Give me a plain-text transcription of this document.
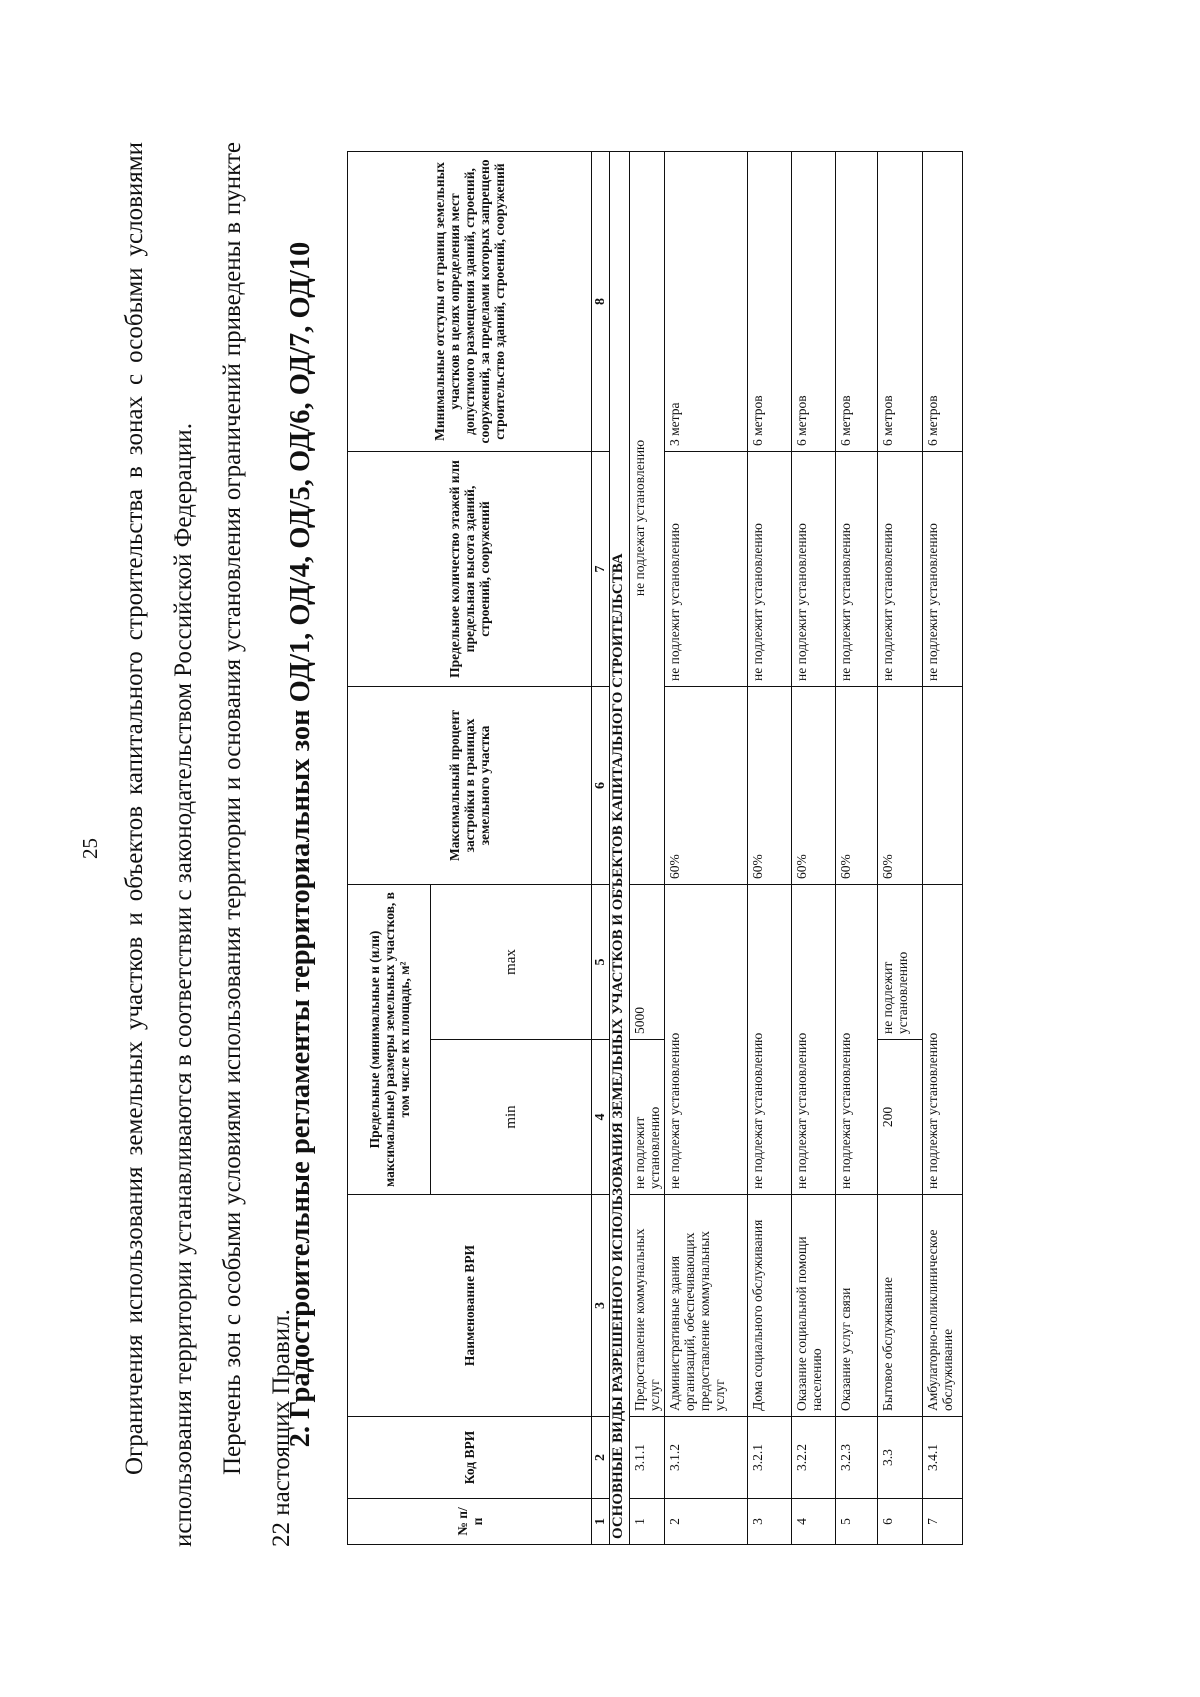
25 Ограничения использования земельных участков и объектов капитального строительства в зонах с особыми условиями использования территории устанавливаются в соответствии с законодательством Российской Федерации. Перечень зон с особыми условиями использования территории и основания установления ограничений приведены в пункте 22 настоящих Правил.

2. Градостроительные регламенты территориальных зон ОД/1, ОД/4, ОД/5, ОД/6, ОД/7, ОД/10
№ п/п	Код ВРИ	Наименование ВРИ	Предельные (минимальные и (или) максимальные) размеры земельных участков, в том числе их площадь, м²		Максимальный процент застройки в границах земельного участка	Предельное количество этажей или предельная высота зданий, строений, сооружений	Минимальные отступы от границ земельных участков в целях определения мест допустимого размещения зданий, строений, сооружений, за пределами которых запрещено строительство зданий, строений, сооружений
			min	max			
1	2	3	4	5	6	7	8
ОСНОВНЫЕ ВИДЫ РАЗРЕШЕННОГО ИСПОЛЬЗОВАНИЯ ЗЕМЕЛЬНЫХ УЧАСТКОВ И ОБЪЕКТОВ КАПИТАЛЬНОГО СТРОИТЕЛЬСТВА							
1	3.1.1	Предоставление коммунальных услуг	не подлежит установлению	5000	не подлежат установлению		
2	3.1.2	Административные здания организаций, обеспечивающих предоставление коммунальных услуг	не подлежат установлению		60%	не подлежит установлению	3 метра
3	3.2.1	Дома социального обслуживания	не подлежат установлению		60%	не подлежит установлению	6 метров
4	3.2.2	Оказание социальной помощи населению	не подлежат установлению		60%	не подлежит установлению	6 метров
5	3.2.3	Оказание услуг связи	не подлежат установлению		60%	не подлежит установлению	6 метров
6	3.3	Бытовое обслуживание	200	не подлежит установлению	60%	не подлежит установлению	6 метров
7	3.4.1	Амбулаторно-поликлиническое обслуживание	не подлежат установлению			не подлежит установлению	6 метров
